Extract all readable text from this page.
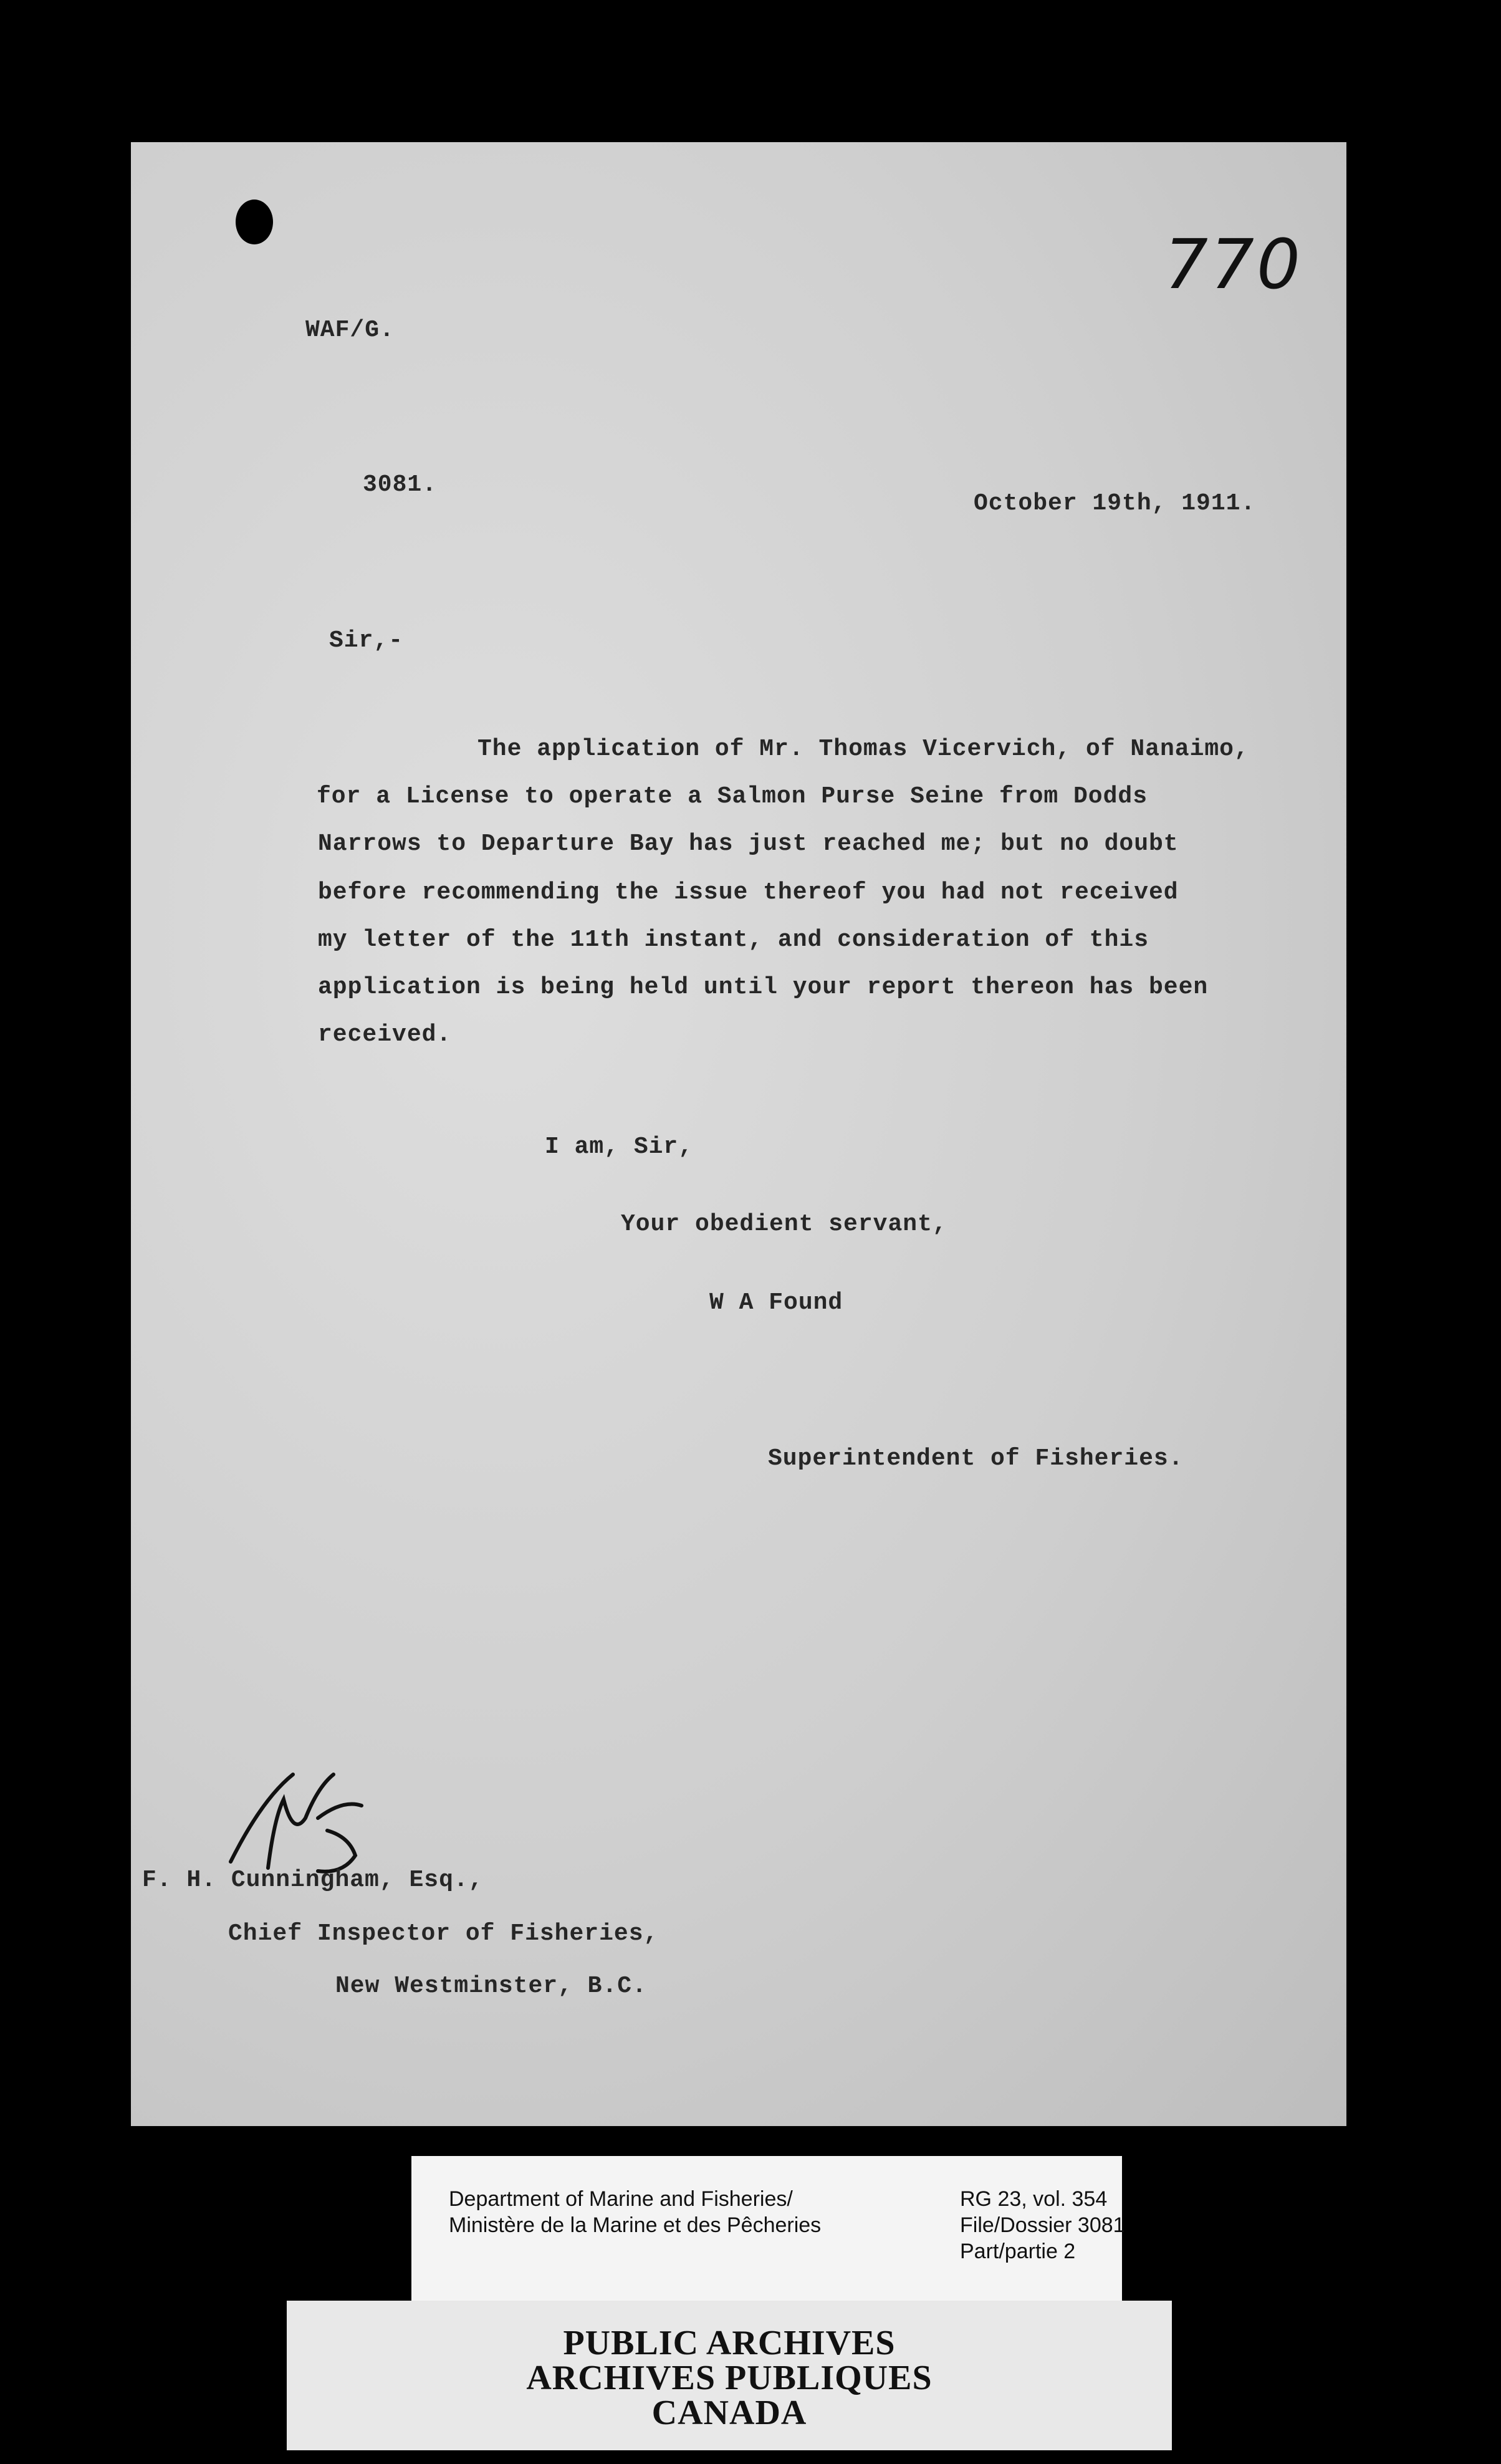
770
WAF/G.
3081.
October 19th, 1911.
Sir,-
The application of Mr. Thomas Vicervich, of Nanaimo,
for a License to operate a Salmon Purse Seine from Dodds
Narrows to Departure Bay has just reached me; but no doubt
before recommending the issue thereof you had not received
my letter of the 11th instant, and consideration of this
application is being held until your report thereon has been
received.
I am, Sir,
Your obedient servant,
W A Found
Superintendent of Fisheries.
F. H. Cunningham, Esq.,
Chief Inspector of Fisheries,
New Westminster, B.C.
Department of Marine and Fisheries/
Ministère de la Marine et des Pêcheries
RG 23, vol. 354
File/Dossier 3081
Part/partie 2
PUBLIC ARCHIVES
ARCHIVES PUBLIQUES
CANADA
